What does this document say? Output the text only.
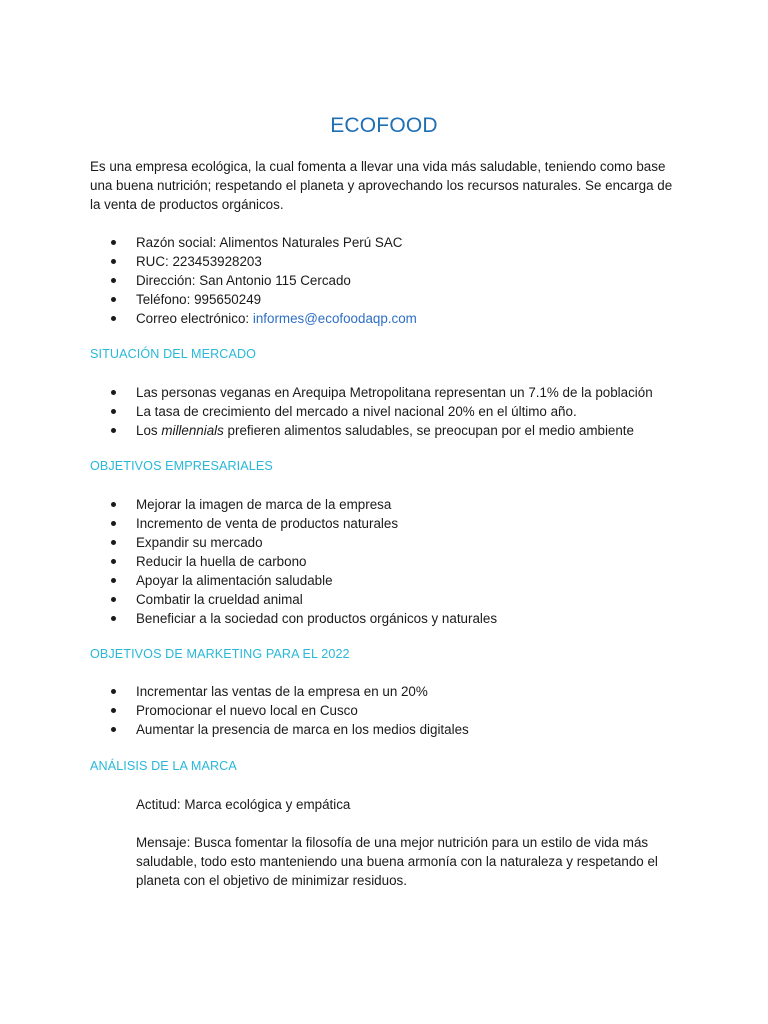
ECOFOOD

Es una empresa ecológica, la cual fomenta a llevar una vida más saludable, teniendo como base una buena nutrición; respetando el planeta y aprovechando los recursos naturales. Se encarga de la venta de productos orgánicos.

Razón social: Alimentos Naturales Perú SAC
RUC: 223453928203
Dirección: San Antonio 115 Cercado
Teléfono: 995650249
Correo electrónico: informes@ecofoodaqp.com
SITUACIÓN DEL MERCADO
Las personas veganas en Arequipa Metropolitana representan un 7.1% de la población
La tasa de crecimiento del mercado a nivel nacional 20% en el último año.
Los millennials prefieren alimentos saludables, se preocupan por el medio ambiente
OBJETIVOS EMPRESARIALES
Mejorar la imagen de marca de la empresa
Incremento de venta de productos naturales
Expandir su mercado
Reducir la huella de carbono
Apoyar la alimentación saludable
Combatir la crueldad animal
Beneficiar a la sociedad con productos orgánicos y naturales
OBJETIVOS DE MARKETING PARA EL 2022
Incrementar las ventas de la empresa en un 20%
Promocionar el nuevo local en Cusco
Aumentar la presencia de marca en los medios digitales
ANÁLISIS DE LA MARCA

Actitud: Marca ecológica y empática

Mensaje: Busca fomentar la filosofía de una mejor nutrición para un estilo de vida más saludable, todo esto manteniendo una buena armonía con la naturaleza y respetando el planeta con el objetivo de minimizar residuos.
